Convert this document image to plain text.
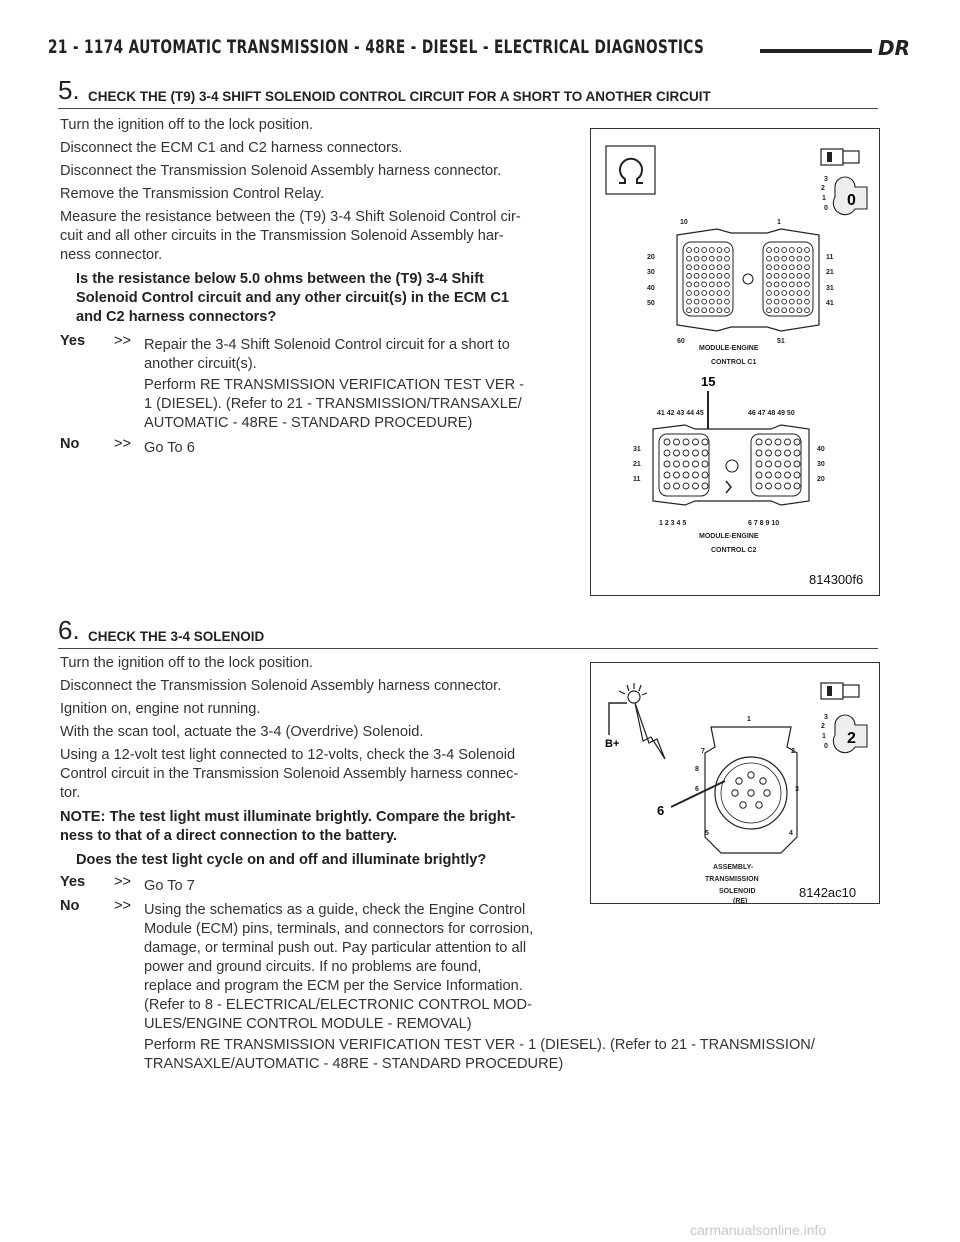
21 - 1174 AUTOMATIC TRANSMISSION - 48RE - DIESEL - ELECTRICAL DIAGNOSTICS	DR
5. CHECK THE (T9) 3-4 SHIFT SOLENOID CONTROL CIRCUIT FOR A SHORT TO ANOTHER CIRCUIT
Turn the ignition off to the lock position.
Disconnect the ECM C1 and C2 harness connectors.
Disconnect the Transmission Solenoid Assembly harness connector.
Remove the Transmission Control Relay.
Measure the resistance between the (T9) 3-4 Shift Solenoid Control cir-
cuit and all other circuits in the Transmission Solenoid Assembly har-
ness connector.
Is the resistance below 5.0 ohms between the (T9) 3-4 Shift
Solenoid Control circuit and any other circuit(s) in the ECM C1
and C2 harness connectors?
Yes >> Repair the 3-4 Shift Solenoid Control circuit for a short to
another circuit(s).
Perform RE TRANSMISSION VERIFICATION TEST VER -
1 (DIESEL). (Refer to 21 - TRANSMISSION/TRANSAXLE/
AUTOMATIC - 48RE - STANDARD PROCEDURE)
No >> Go To 6
3
2
1
0 0
10	1
20
30
40
50
11
21
31
41
60	51
MODULE-ENGINE
CONTROL C1
15
41 42 43 44 45	46 47 48 49 50
31
21
11
40
30
20
1 2 3 4 5	6 7 8 9 10
MODULE-ENGINE
CONTROL C2
814300f6
6. CHECK THE 3-4 SOLENOID
Turn the ignition off to the lock position.
Disconnect the Transmission Solenoid Assembly harness connector.
Ignition on, engine not running.
With the scan tool, actuate the 3-4 (Overdrive) Solenoid.
Using a 12-volt test light connected to 12-volts, check the 3-4 Solenoid
Control circuit in the Transmission Solenoid Assembly harness connec-
tor.
NOTE: The test light must illuminate brightly. Compare the bright-
ness to that of a direct connection to the battery.
Does the test light cycle on and off and illuminate brightly?
Yes >> Go To 7
No >> Using the schematics as a guide, check the Engine Control
Module (ECM) pins, terminals, and connectors for corrosion,
damage, or terminal push out. Pay particular attention to all
power and ground circuits. If no problems are found,
replace and program the ECM per the Service Information.
(Refer to 8 - ELECTRICAL/ELECTRONIC CONTROL MOD-
ULES/ENGINE CONTROL MODULE - REMOVAL)
Perform RE TRANSMISSION VERIFICATION TEST VER - 1 (DIESEL). (Refer to 21 - TRANSMISSION/
TRANSAXLE/AUTOMATIC - 48RE - STANDARD PROCEDURE)
B+
3
2
1
0 2
1
2
3
4
5
6
7
8
6
ASSEMBLY-
TRANSMISSION
SOLENOID
(RE)
8142ac10
carmanualsonline.info
